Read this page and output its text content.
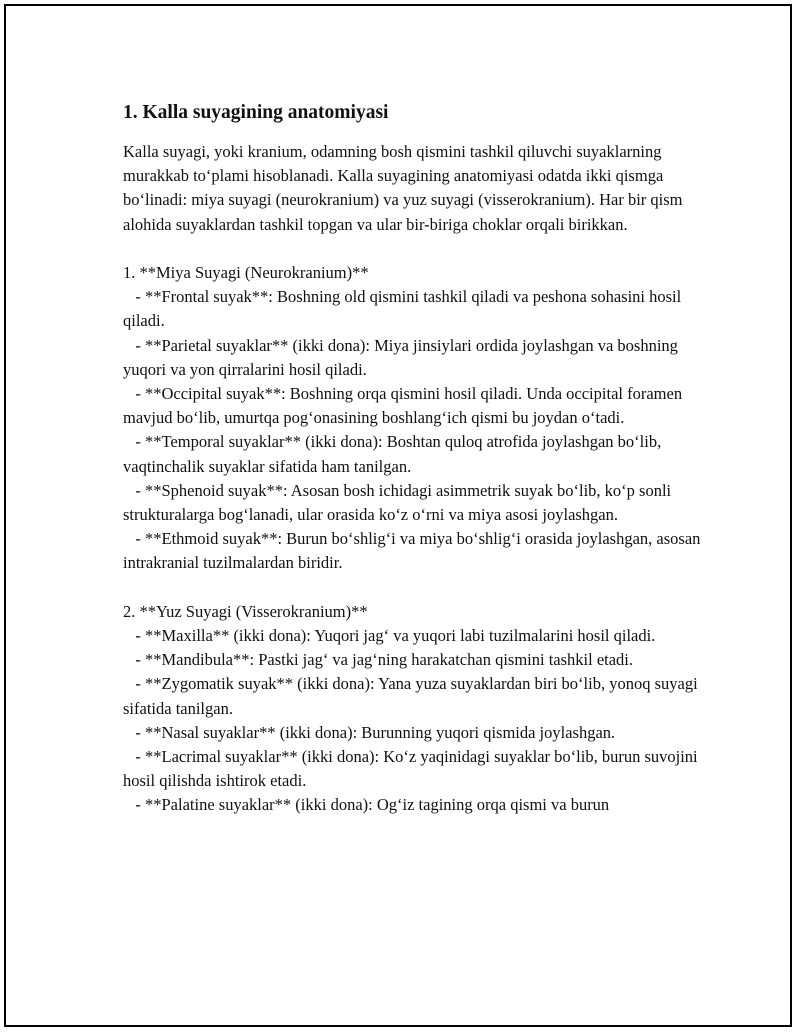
1. Kalla suyagining anatomiyasi

Kalla suyagi, yoki kranium, odamning bosh qismini tashkil qiluvchi suyaklarning murakkab to‘plami hisoblanadi. Kalla suyagining anatomiyasi odatda ikki qismga bo‘linadi: miya suyagi (neurokranium) va yuz suyagi (visserokranium). Har bir qism alohida suyaklardan tashkil topgan va ular bir-biriga choklar orqali birikkan.

1. **Miya Suyagi (Neurokranium)**

- **Frontal suyak**: Boshning old qismini tashkil qiladi va peshona sohasini hosil qiladi.

- **Parietal suyaklar** (ikki dona): Miya jinsiylari ordida joylashgan va boshning yuqori va yon qirralarini hosil qiladi.

- **Occipital suyak**: Boshning orqa qismini hosil qiladi. Unda occipital foramen mavjud bo‘lib, umurtqa pog‘onasining boshlang‘ich qismi bu joydan o‘tadi.

- **Temporal suyaklar** (ikki dona): Boshtan quloq atrofida joylashgan bo‘lib, vaqtinchalik suyaklar sifatida ham tanilgan.

- **Sphenoid suyak**: Asosan bosh ichidagi asimmetrik suyak bo‘lib, ko‘p sonli strukturalarga bog‘lanadi, ular orasida ko‘z o‘rni va miya asosi joylashgan.

- **Ethmoid suyak**: Burun bo‘shlig‘i va miya bo‘shlig‘i orasida joylashgan, asosan intrakranial tuzilmalardan biridir.

2. **Yuz Suyagi (Visserokranium)**

- **Maxilla** (ikki dona): Yuqori jag‘ va yuqori labi tuzilmalarini hosil qiladi.

- **Mandibula**: Pastki jag‘ va jag‘ning harakatchan qismini tashkil etadi.

- **Zygomatik suyak** (ikki dona): Yana yuza suyaklardan biri bo‘lib, yonoq suyagi sifatida tanilgan.

- **Nasal suyaklar** (ikki dona): Burunning yuqori qismida joylashgan.

- **Lacrimal suyaklar** (ikki dona): Ko‘z yaqinidagi suyaklar bo‘lib, burun suvojini hosil qilishda ishtirok etadi.

- **Palatine suyaklar** (ikki dona): Og‘iz tagining orqa qismi va burun
